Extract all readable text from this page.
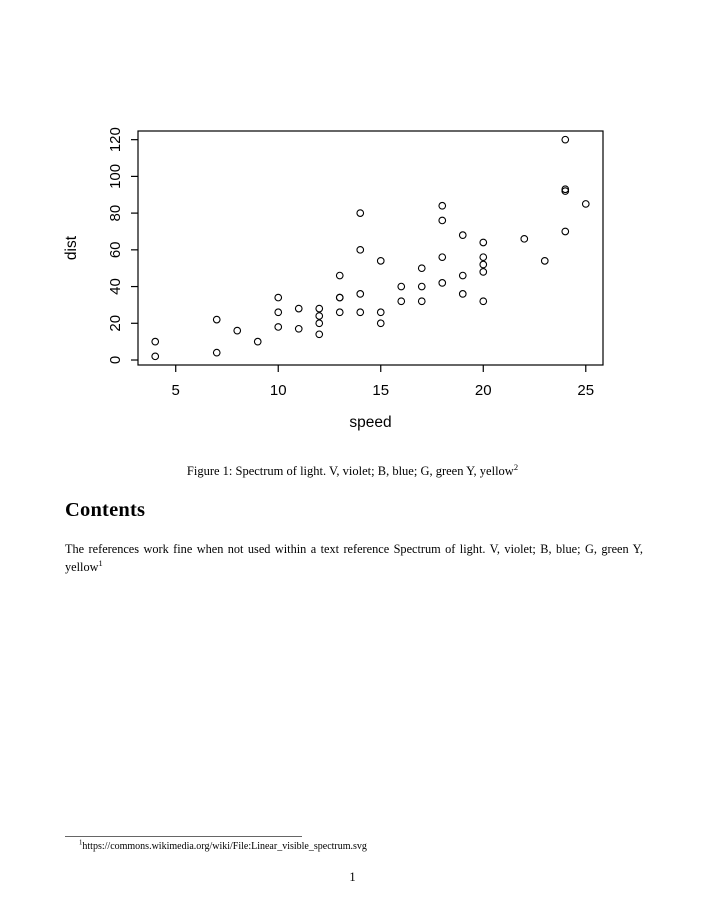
5	10	15	20	25
speed
0
20
40
60
80
100
120
dist
Figure 1: Spectrum of light. V, violet; B, blue; G, green Y, yellow$^2$
Contents
The references work fine when not used within a text reference Spectrum of light. V, violet; B, blue; G, green Y, yellow$^1$
$^1$https://commons.wikimedia.org/wiki/File:Linear_visible_spectrum.svg
1
